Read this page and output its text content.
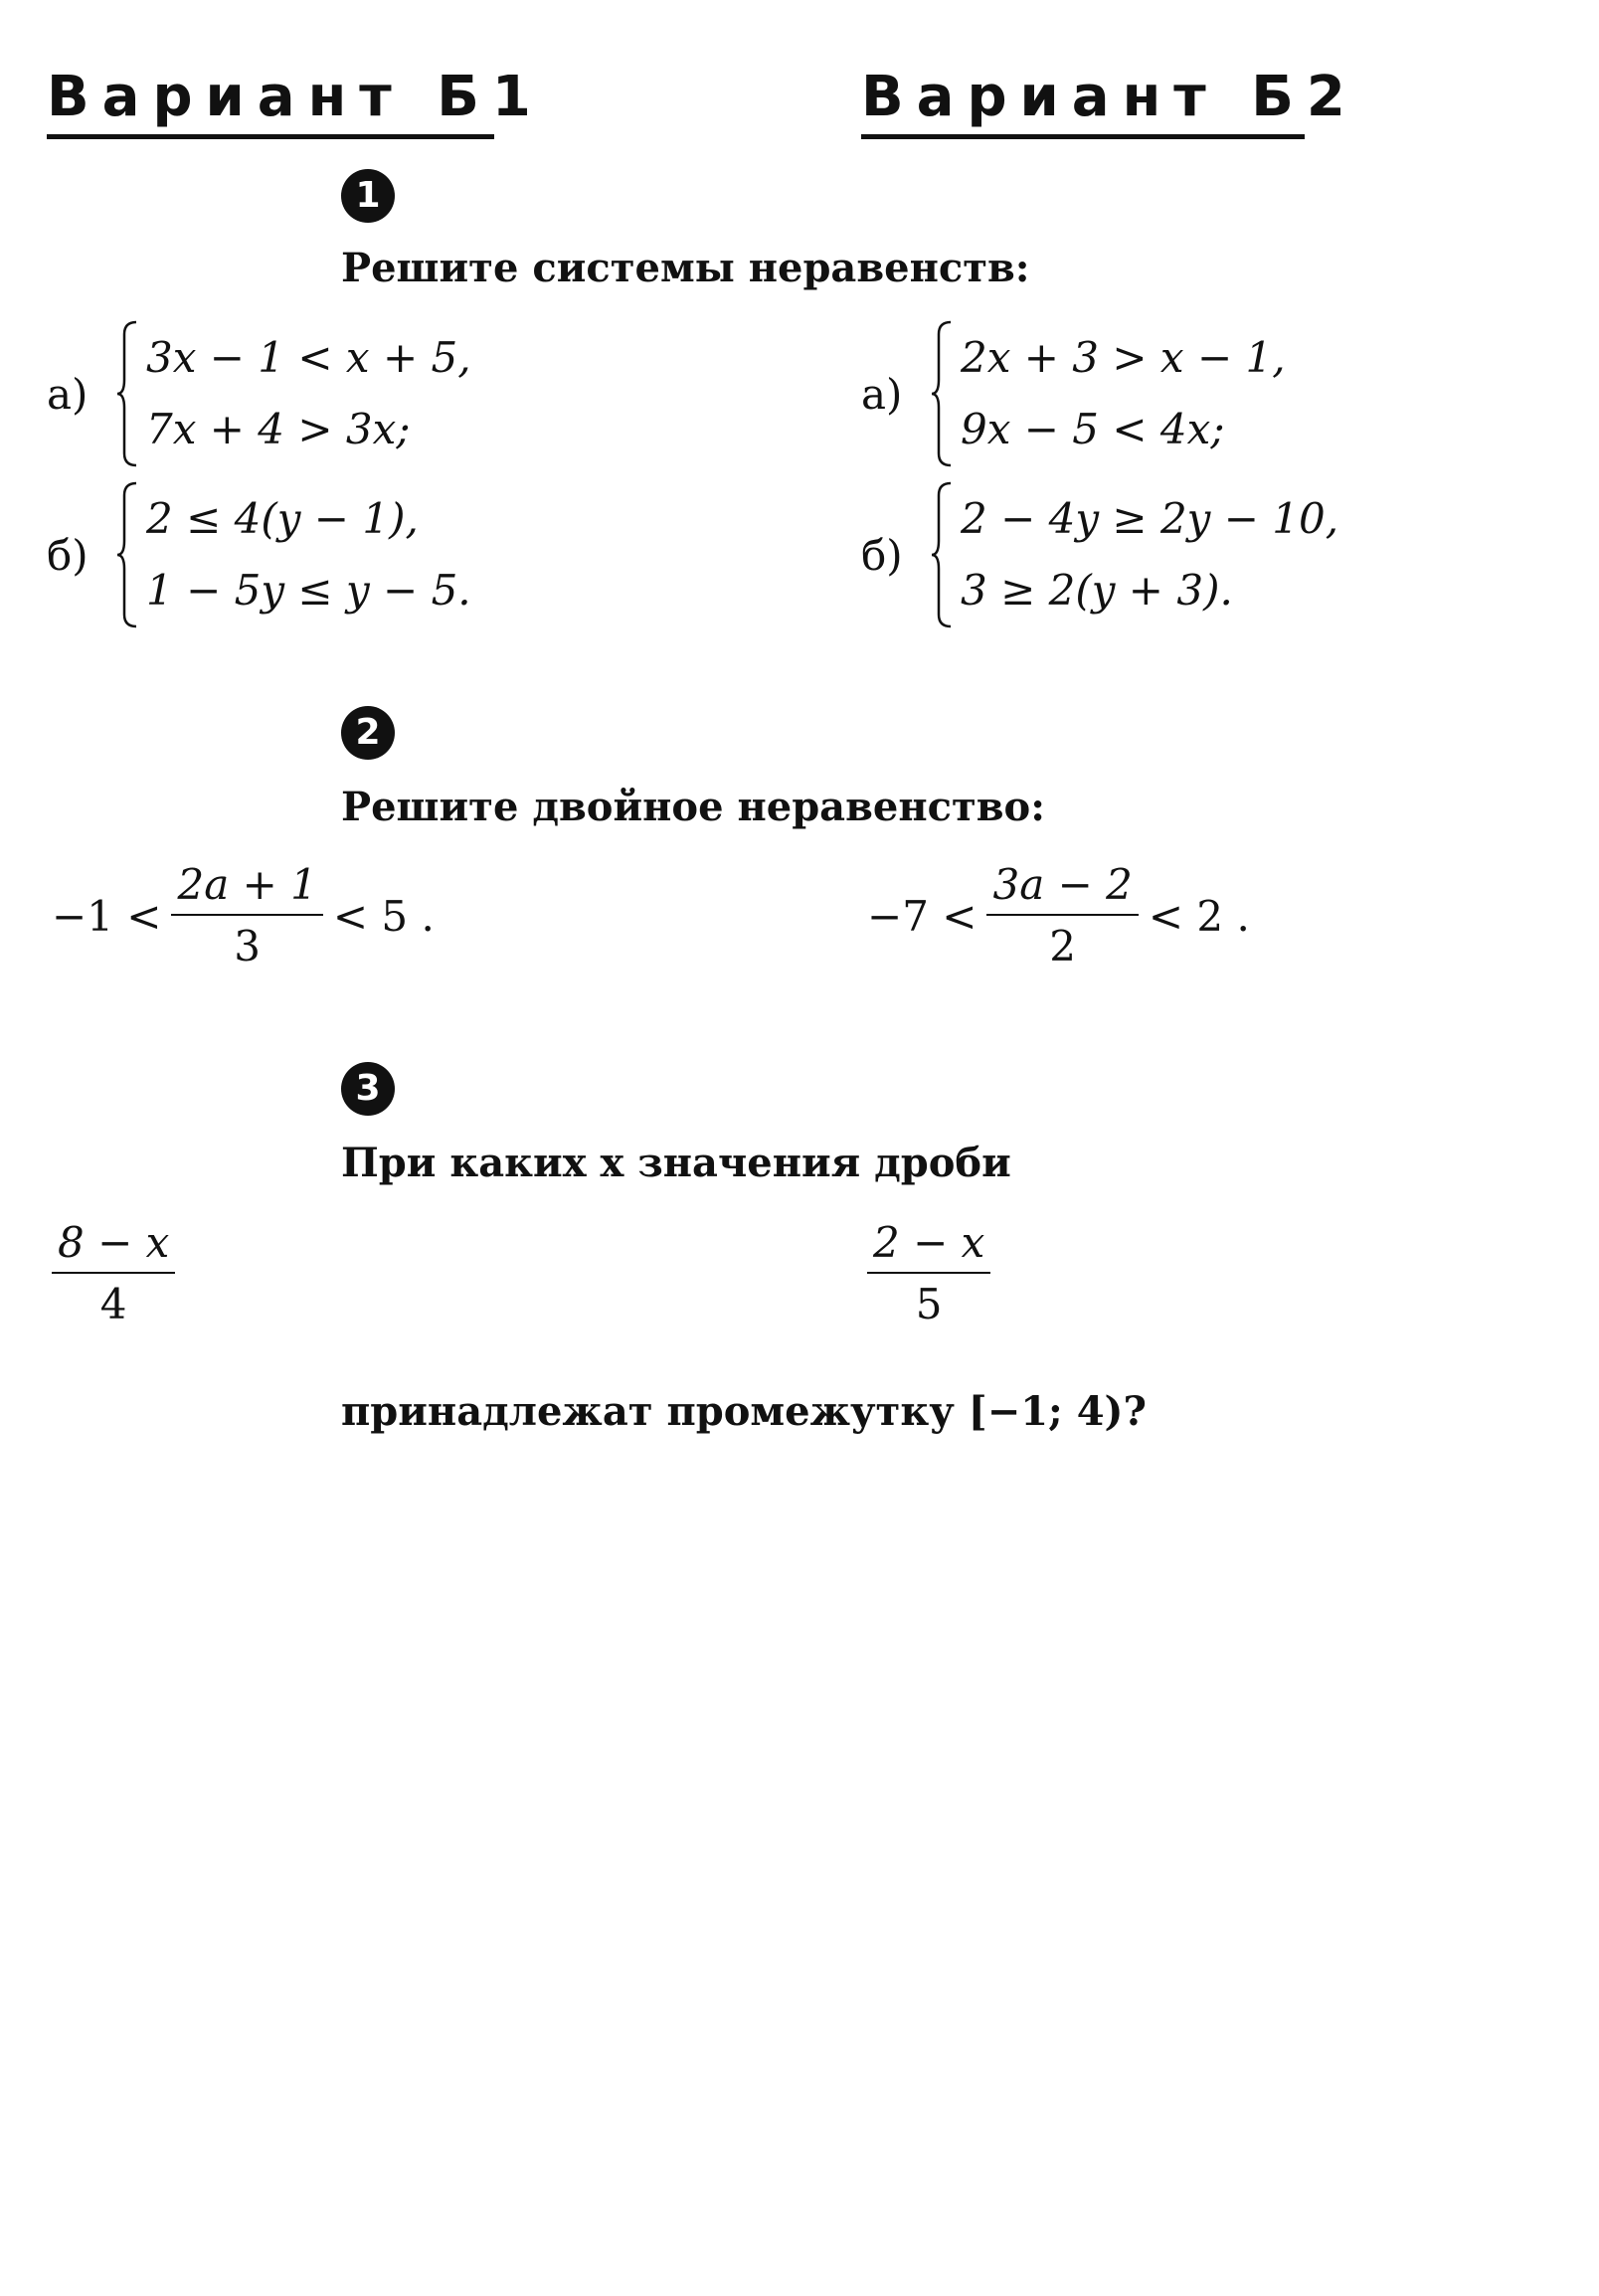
Вариант Б1	Вариант Б2
1
Решите системы неравенств:
а)
3x − 1 < x + 5,
7x + 4 > 3x;
б)
2 ≤ 4(y − 1),
1 − 5y ≤ y − 5.
а)
2x + 3 > x − 1,
9x − 5 < 4x;
б)
2 − 4y ≥ 2y − 10,
3 ≥ 2(y + 3).
2
Решите двойное неравенство:
$-1 < \frac{2a + 1}{3} < 5$ .	$-7 < \frac{3a - 2}{2} < 2$ .
3
При каких x значения дроби
$\frac{8 - x}{4}$	$\frac{2 - x}{5}$
принадлежат промежутку [−1; 4)?
